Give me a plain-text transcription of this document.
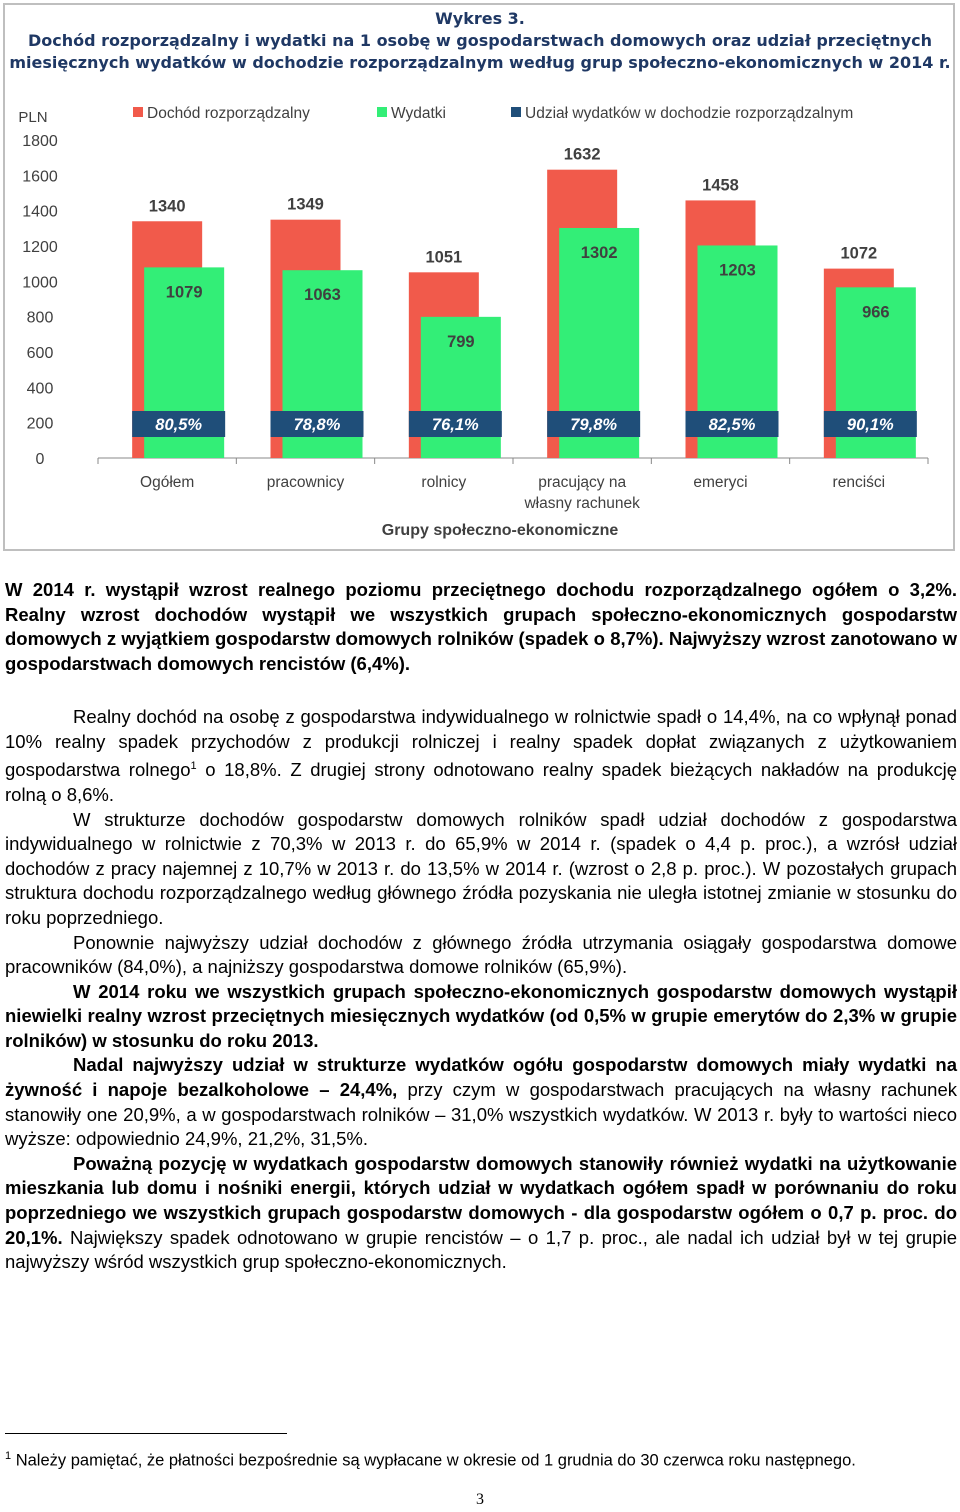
Wykres 3.
Dochód rozporządzalny i wydatki na 1 osobę w gospodarstwach domowych oraz udział przeciętnych
miesięcznych wydatków w dochodzie rozporządzalnym według grup społeczno-ekonomicznych w 2014 r.
PLN
1800
1600
1400
1200
1000
800
600
400
200
0
Dochód rozporządzalny	Wydatki	Udział wydatków w dochodzie rozporządzalnym
1340
1079
80,5%
Ogółem
1349
1063
78,8%
pracownicy
1051
799
76,1%
rolnicy
1632
1302
79,8%
pracujący na
własny rachunek
1458
1203
82,5%
emeryci
1072
966
90,1%
renciści
Grupy społeczno-ekonomiczne

W 2014 r. wystąpił wzrost realnego poziomu przeciętnego dochodu rozporządzalnego ogółem o 3,2%. Realny wzrost dochodów wystąpił we wszystkich grupach społeczno-ekonomicznych gospodarstw domowych z wyjątkiem gospodarstw domowych rolników (spadek o 8,7%). Najwyższy wzrost zanotowano w gospodarstwach domowych rencistów (6,4%).

Realny dochód na osobę z gospodarstwa indywidualnego w rolnictwie spadł o 14,4%, na co wpłynął ponad 10% realny spadek przychodów z produkcji rolniczej i realny spadek dopłat związanych z użytkowaniem gospodarstwa rolnego$^1$ o 18,8%. Z drugiej strony odnotowano realny spadek bieżących nakładów na produkcję rolną o 8,6%.

W strukturze dochodów gospodarstw domowych rolników spadł udział dochodów z gospodarstwa indywidualnego w rolnictwie z 70,3% w 2013 r. do 65,9% w 2014 r. (spadek o 4,4 p. proc.), a wzrósł udział dochodów z pracy najemnej z 10,7% w 2013 r. do 13,5% w 2014 r. (wzrost o 2,8 p. proc.). W pozostałych grupach struktura dochodu rozporządzalnego według głównego źródła pozyskania nie uległa istotnej zmianie w stosunku do roku poprzedniego.

Ponownie najwyższy udział dochodów z głównego źródła utrzymania osiągały gospodarstwa domowe pracowników (84,0%), a najniższy gospodarstwa domowe rolników (65,9%).

W 2014 roku we wszystkich grupach społeczno-ekonomicznych gospodarstw domowych wystąpił niewielki realny wzrost przeciętnych miesięcznych wydatków (od 0,5% w grupie emerytów do 2,3% w grupie rolników) w stosunku do roku 2013.

Nadal najwyższy udział w strukturze wydatków ogółu gospodarstw domowych miały wydatki na żywność i napoje bezalkoholowe – 24,4%, przy czym w gospodarstwach pracujących na własny rachunek stanowiły one 20,9%, a w gospodarstwach rolników – 31,0% wszystkich wydatków. W 2013 r. były to wartości nieco wyższe: odpowiednio 24,9%, 21,2%, 31,5%.

Poważną pozycję w wydatkach gospodarstw domowych stanowiły również wydatki na użytkowanie mieszkania lub domu i nośniki energii, których udział w wydatkach ogółem spadł w porównaniu do roku poprzedniego we wszystkich grupach gospodarstw domowych - dla gospodarstw ogółem o 0,7 p. proc. do 20,1%. Największy spadek odnotowano w grupie rencistów – o 1,7 p. proc., ale nadal ich udział był w tej grupie najwyższy wśród wszystkich grup społeczno-ekonomicznych.

$^1$ Należy pamiętać, że płatności bezpośrednie są wypłacane w okresie od 1 grudnia do 30 czerwca roku następnego.
3
